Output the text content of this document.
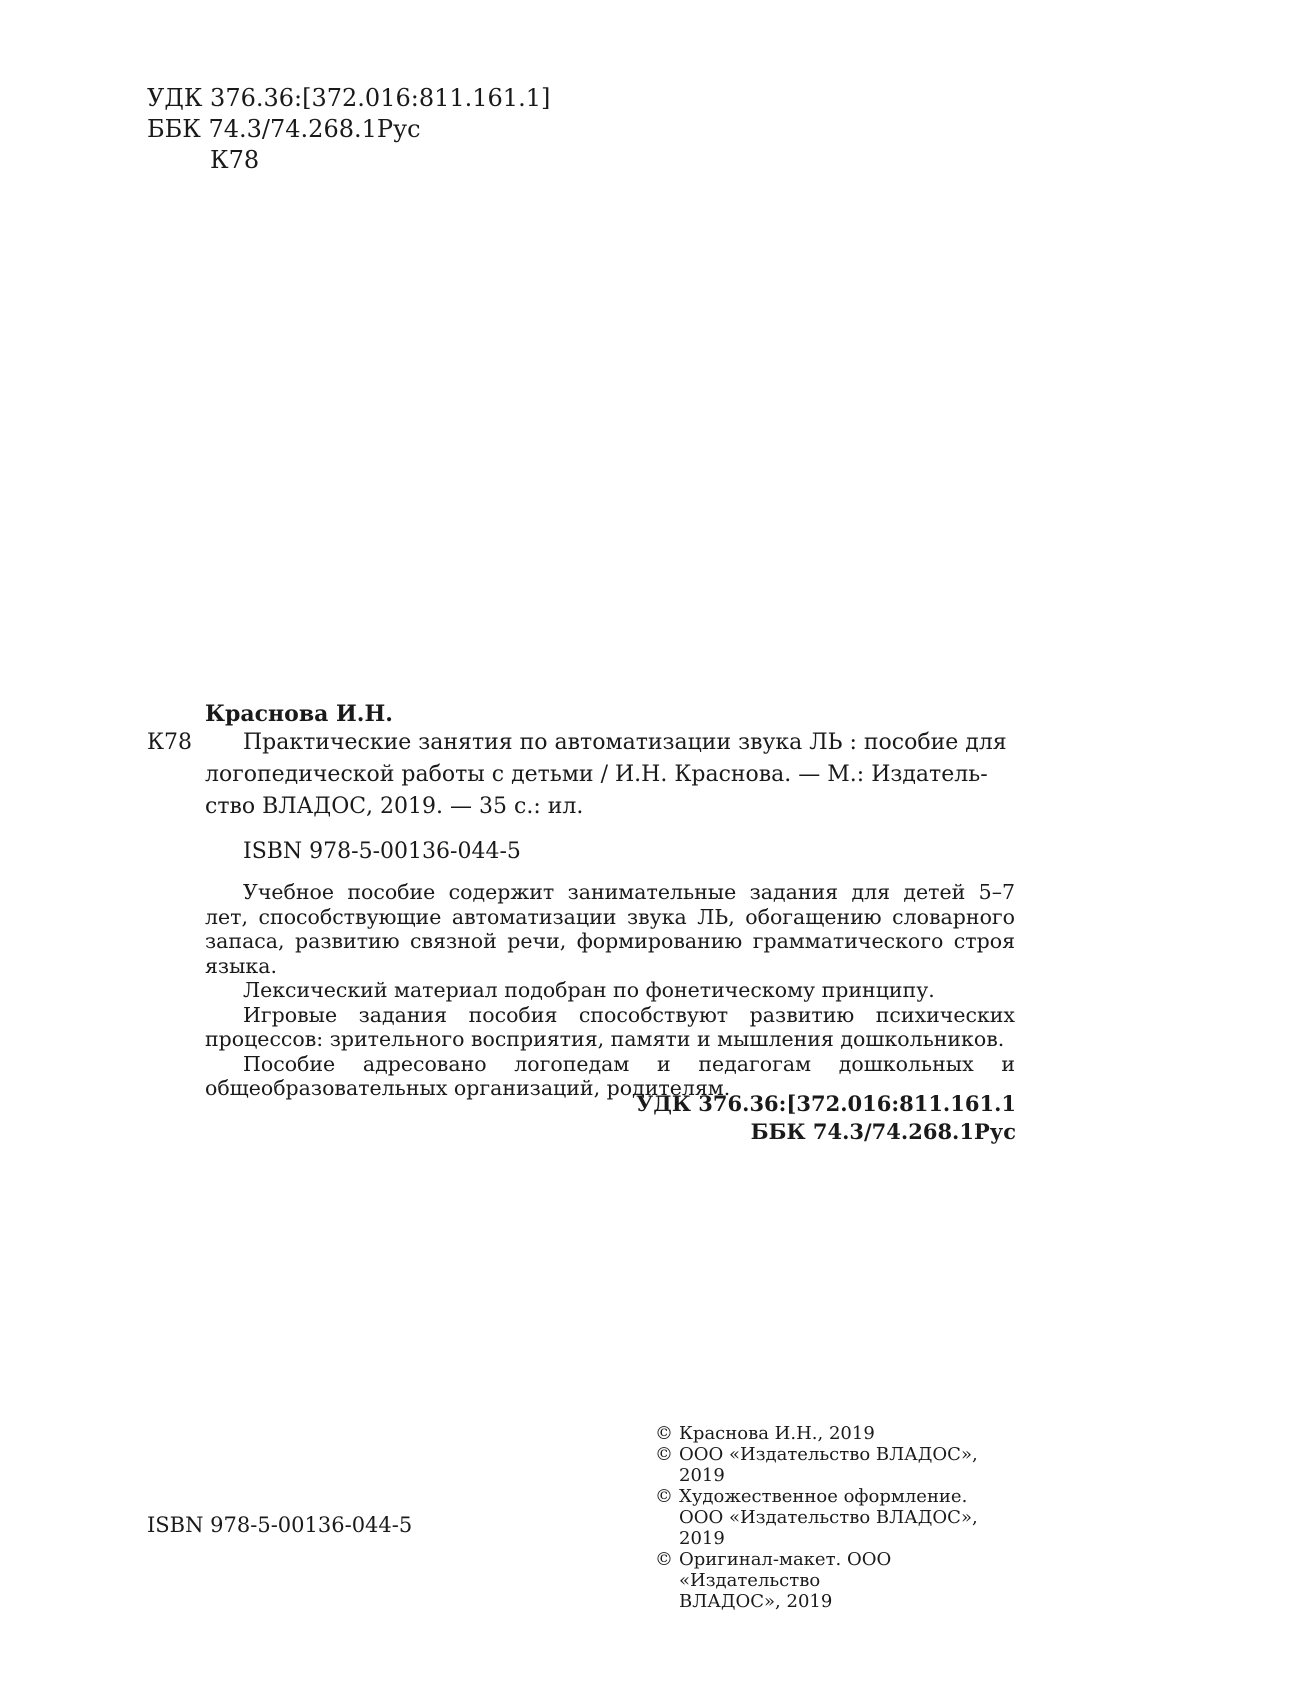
УДК 376.36:[372.016:811.161.1]
ББК 74.3/74.268.1Рус
К78
Краснова И.Н.
К78 Практические занятия по автоматизации звука ЛЬ : пособие для
логопедической работы с детьми / И.Н. Краснова. — М.: Издатель-
ство ВЛАДОС, 2019. — 35 с.: ил.
ISBN 978-5-00136-044-5

Учебное пособие содержит занимательные задания для детей 5–7 лет, способствующие автоматизации звука ЛЬ, обогащению словарного запаса, развитию связной речи, формированию грамматического строя языка.

Лексический материал подобран по фонетическому принципу.

Игровые задания пособия способствуют развитию психических процессов: зрительного восприятия, памяти и мышления дошкольников.

Пособие адресовано логопедам и педагогам дошкольных и общеобразовательных организаций, родителям.

УДК 376.36:[372.016:811.161.1
ББК 74.3/74.268.1Рус
© Краснова И.Н., 2019
© ООО «Издательство ВЛАДОС», 2019
© Художественное оформление.
ООО «Издательство ВЛАДОС», 2019
© Оригинал-макет. ООО «Издательство
ВЛАДОС», 2019
ISBN 978-5-00136-044-5
